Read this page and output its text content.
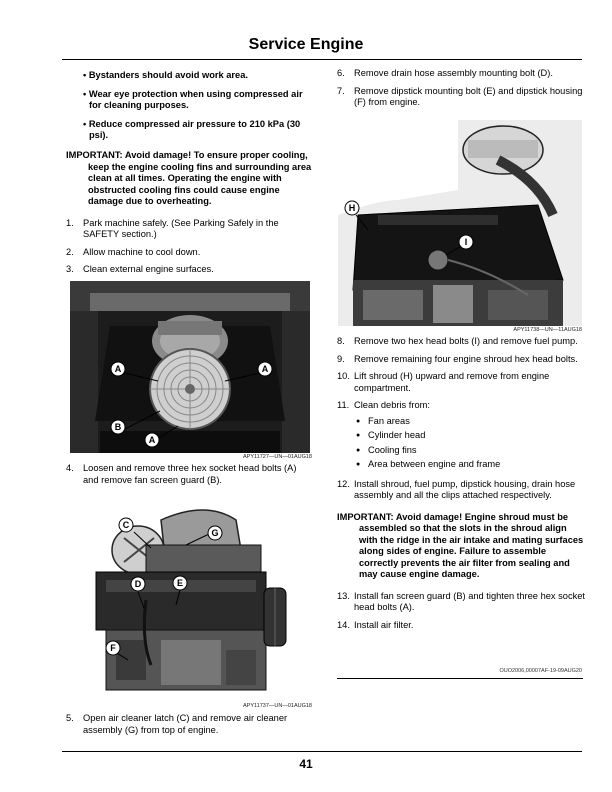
Service Engine

• Bystanders should avoid work area.

• Wear eye protection when using compressed air for cleaning purposes.

• Reduce compressed air pressure to 210 kPa (30 psi).

IMPORTANT: Avoid damage! To ensure proper cooling, keep the engine cooling fins and surrounding area clean at all times. Operating the engine with obstructed cooling fins could cause engine damage due to overheating.

1. Park machine safely. (See Parking Safely in the SAFETY section.)
2. Allow machine to cool down.
3. Clean external engine surfaces.
A	A
B
A
APY11727—UN—01AUG18
4. Loosen and remove three hex socket head bolts (A) and remove fan screen guard (B).
C
G
D	E
F
APY11737—UN—01AUG18
5. Open air cleaner latch (C) and remove air cleaner assembly (G) from top of engine.
6. Remove drain hose assembly mounting bolt (D).
7. Remove dipstick mounting bolt (E) and dipstick housing (F) from engine.
H
I
APY11738—UN—11AUG18
8. Remove two hex head bolts (I) and remove fuel pump.
9. Remove remaining four engine shroud hex head bolts.
10. Lift shroud (H) upward and remove from engine compartment.
11. Clean debris from:
● Fan areas
● Cylinder head
● Cooling fins
● Area between engine and frame
12. Install shroud, fuel pump, dipstick housing, drain hose assembly and all the clips attached respectively.

IMPORTANT: Avoid damage! Engine shroud must be assembled so that the slots in the shroud align with the ridge in the air intake and mating surfaces along sides of engine. Failure to assemble correctly prevents the air filter from sealing and may cause engine damage.

13. Install fan screen guard (B) and tighten three hex socket head bolts (A).
14. Install air filter.
OUO2006,00007AF-19-09AUG20
41
